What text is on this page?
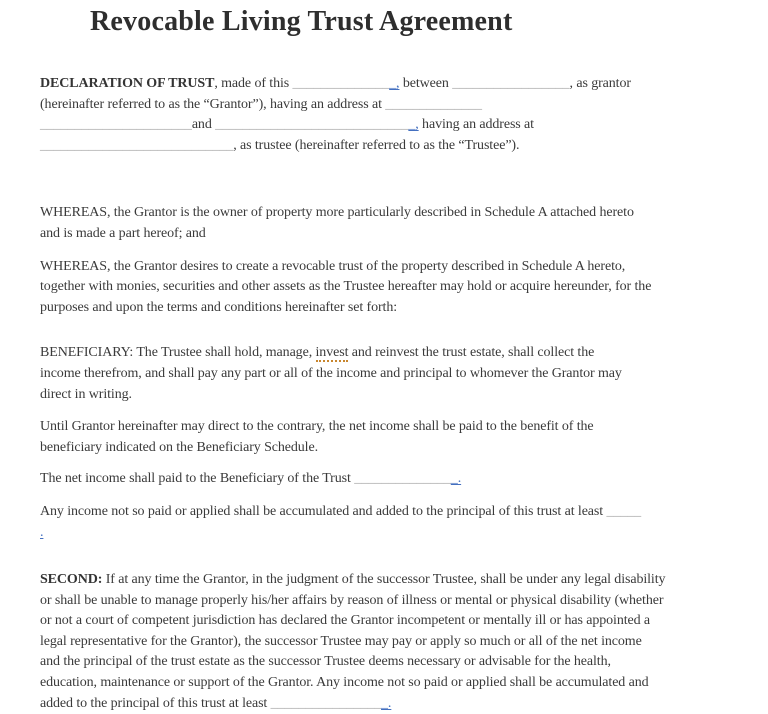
Revocable Living Trust Agreement
DECLARATION OF TRUST, made of this _______________, between _________________, as grantor
(hereinafter referred to as the “Grantor”), having an address at ______________
______________________and _____________________________, having an address at
____________________________, as trustee (hereinafter referred to as the “Trustee”).
WHEREAS, the Grantor is the owner of property more particularly described in Schedule A attached hereto
and is made a part hereof; and
WHEREAS, the Grantor desires to create a revocable trust of the property described in Schedule A hereto,
together with monies, securities and other assets as the Trustee hereafter may hold or acquire hereunder, for the
purposes and upon the terms and conditions hereinafter set forth:
BENEFICIARY: The Trustee shall hold, manage, invest and reinvest the trust estate, shall collect the
income therefrom, and shall pay any part or all of the income and principal to whomever the Grantor may
direct in writing.
Until Grantor hereinafter may direct to the contrary, the net income shall be paid to the benefit of the
beneficiary indicated on the Beneficiary Schedule.
The net income shall paid to the Beneficiary of the Trust _______________.
Any income not so paid or applied shall be accumulated and added to the principal of this trust at least _____
.
SECOND: If at any time the Grantor, in the judgment of the successor Trustee, shall be under any legal disability
or shall be unable to manage properly his/her affairs by reason of illness or mental or physical disability (whether
or not a court of competent jurisdiction has declared the Grantor incompetent or mentally ill or has appointed a
legal representative for the Grantor), the successor Trustee may pay or apply so much or all of the net income
and the principal of the trust estate as the successor Trustee deems necessary or advisable for the health,
education, maintenance or support of the Grantor. Any income not so paid or applied shall be accumulated and
added to the principal of this trust at least _________________.
